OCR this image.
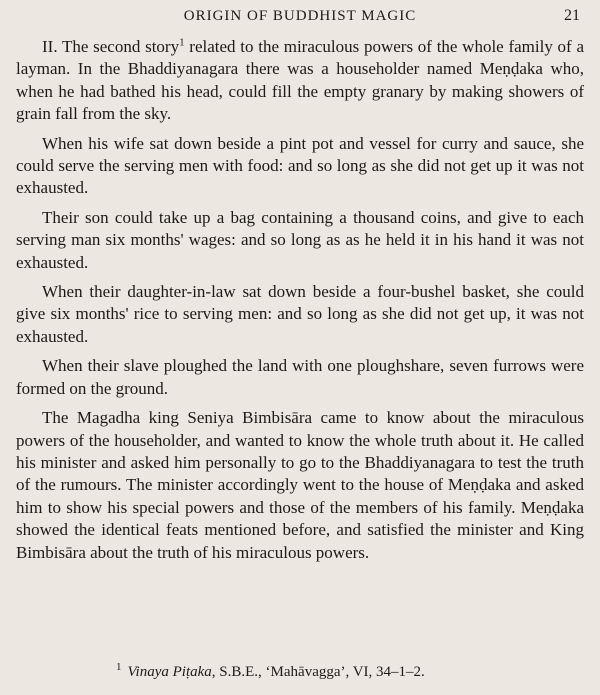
ORIGIN OF BUDDHIST MAGIC	21

II. The second story$^1$ related to the miraculous powers of the whole family of a layman. In the Bhaddiyanagara there was a householder named Meṇḍaka who, when he had bathed his head, could fill the empty granary by making showers of grain fall from the sky.

When his wife sat down beside a pint pot and vessel for curry and sauce, she could serve the serving men with food: and so long as she did not get up it was not exhausted.

Their son could take up a bag containing a thousand coins, and give to each serving man six months' wages: and so long as as he held it in his hand it was not exhausted.

When their daughter-in-law sat down beside a four-bushel basket, she could give six months' rice to serving men: and so long as she did not get up, it was not exhausted.

When their slave ploughed the land with one ploughshare, seven furrows were formed on the ground.

The Magadha king Seniya Bimbisāra came to know about the miraculous powers of the householder, and wanted to know the whole truth about it. He called his minister and asked him personally to go to the Bhaddiyanagara to test the truth of the rumours. The minister accordingly went to the house of Meṇḍaka and asked him to show his special powers and those of the members of his family. Meṇḍaka showed the identical feats mentioned before, and satisfied the minister and King Bimbisāra about the truth of his miraculous powers.

$^1$ Vinaya Piṭaka, S.B.E., ‘Mahāvagga’, VI, 34–1–2.
